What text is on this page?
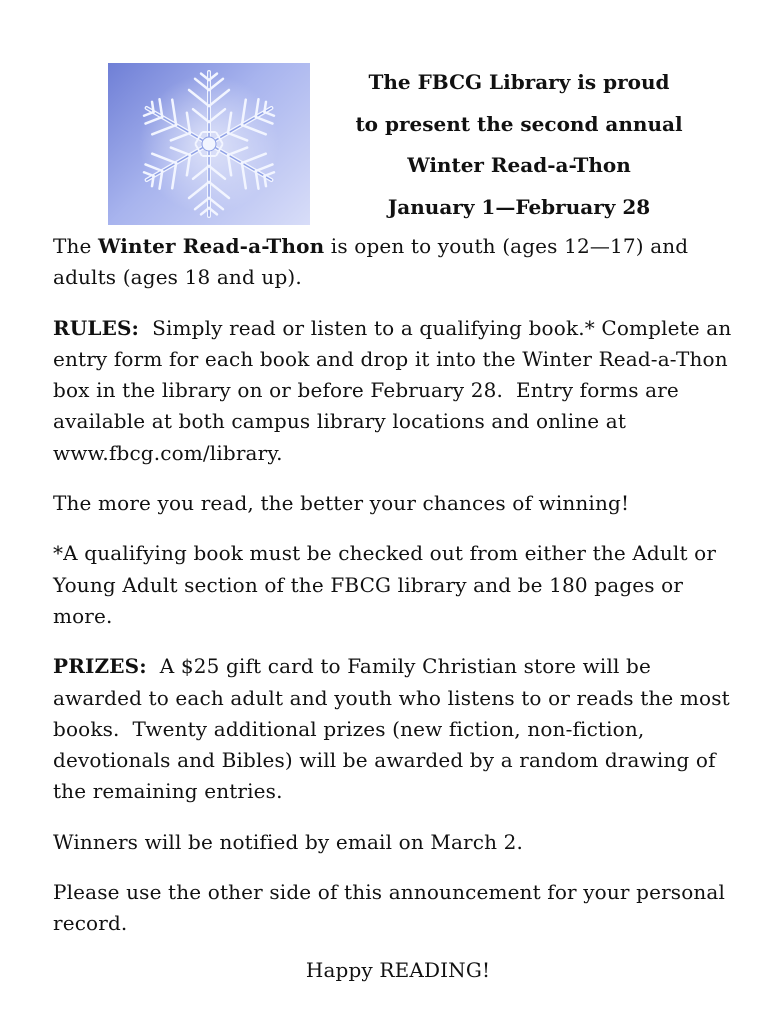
The FBCG Library is proud
to present the second annual
Winter Read-a-Thon
January 1—February 28

The Winter Read-a-Thon is open to youth (ages 12—17) and adults (ages 18 and up).

RULES:  Simply read or listen to a qualifying book.* Complete an entry form for each book and drop it into the Winter Read-a-Thon box in the library on or before February 28.  Entry forms are available at both campus library locations and online at www.fbcg.com/library.

The more you read, the better your chances of winning!

*A qualifying book must be checked out from either the Adult or Young Adult section of the FBCG library and be 180 pages or more.

PRIZES:  A $25 gift card to Family Christian store will be awarded to each adult and youth who listens to or reads the most books.  Twenty additional prizes (new fiction, non-fiction, devotionals and Bibles) will be awarded by a random drawing of the remaining entries.

Winners will be notified by email on March 2.

Please use the other side of this announcement for your personal record.

Happy READING!
